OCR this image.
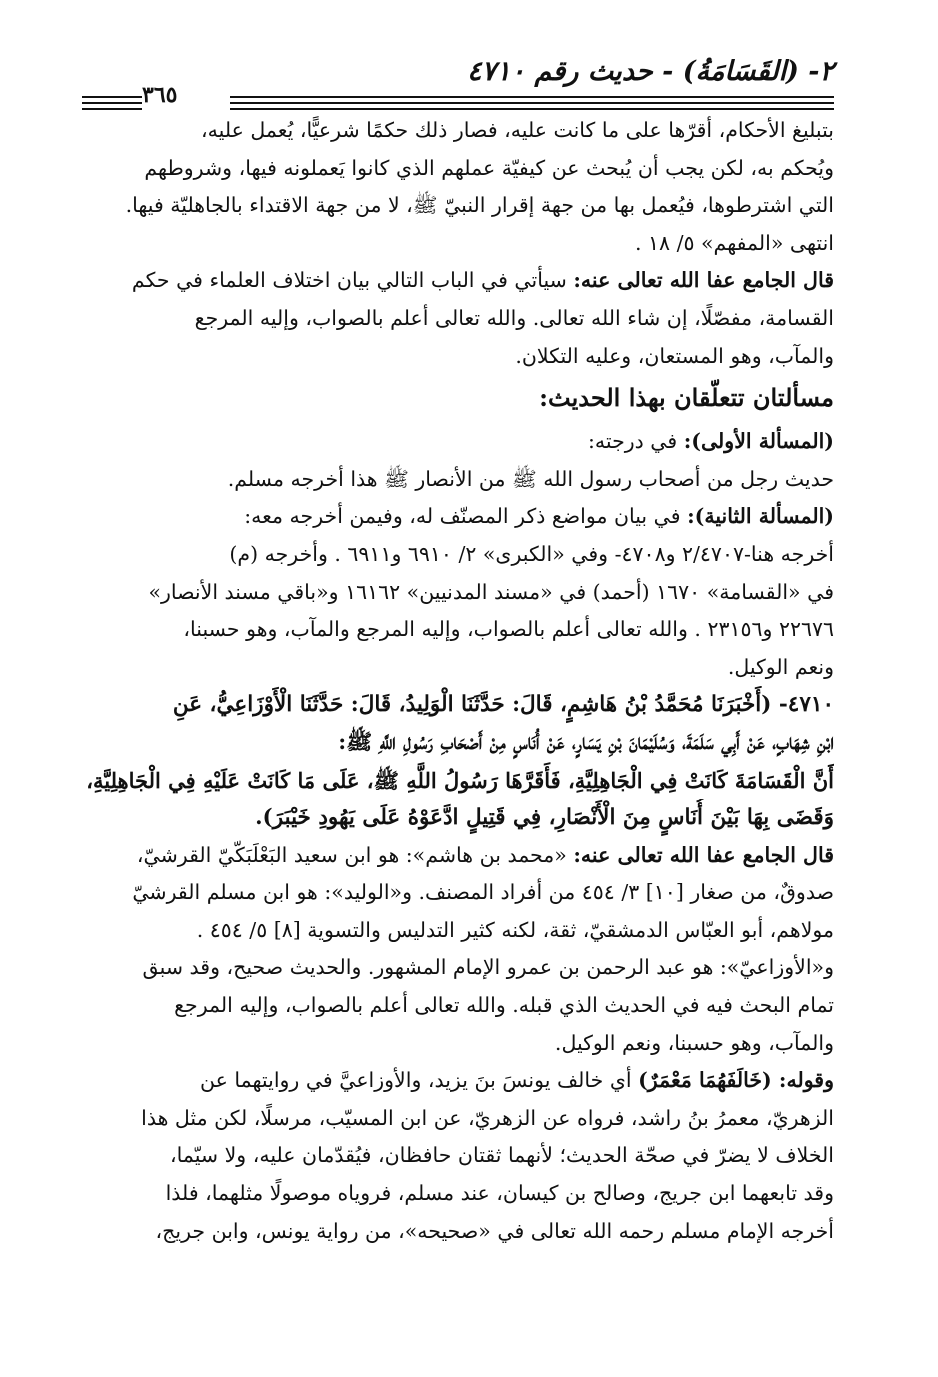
٢- (القَسَامَةُ) - حديث رقم ٤٧١٠
٣٦٥
بتبليغ الأحكام، أقرّها على ما كانت عليه، فصار ذلك حكمًا شرعيًّا، يُعمل عليه،
ويُحكم به، لكن يجب أن يُبحث عن كيفيّة عملهم الذي كانوا يَعملونه فيها، وشروطهم
التي اشترطوها، فيُعمل بها من جهة إقرار النبيّ ﷺ، لا من جهة الاقتداء بالجاهليّة فيها.
انتهى «المفهم» ٥/ ١٨ .
قال الجامع عفا الله تعالى عنه: سيأتي في الباب التالي بيان اختلاف العلماء في حكم
القسامة، مفصّلًا، إن شاء الله تعالى. والله تعالى أعلم بالصواب، وإليه المرجع
والمآب، وهو المستعان، وعليه التكلان.
مسألتان تتعلّقان بهذا الحديث:
(المسألة الأولى): في درجته:
حديث رجل من أصحاب رسول الله ﷺ من الأنصار ﷺ هذا أخرجه مسلم.
(المسألة الثانية): في بيان مواضع ذكر المصنّف له، وفيمن أخرجه معه:
أخرجه هنا-٢/٤٧٠٧ و٤٧٠٨- وفي «الكبرى» ٢/ ٦٩١٠ و٦٩١١ . وأخرجه (م)
في «القسامة» ١٦٧٠ (أحمد) في «مسند المدنيين» ١٦١٦٢ و«باقي مسند الأنصار»
٢٢٦٧٦ و٢٣١٥٦ . والله تعالى أعلم بالصواب، وإليه المرجع والمآب، وهو حسبنا،
ونعم الوكيل.
٤٧١٠- (أَخْبَرَنَا مُحَمَّدُ بْنُ هَاشِمٍ، قَالَ: حَدَّثَنَا الْوَلِيدُ، قَالَ: حَدَّثَنَا الْأَوْزَاعِيُّ، عَنِ
ابْنِ شِهَابٍ، عَنْ أَبِي سَلَمَةَ، وَسُلَيْمَانَ بْنِ يَسَارٍ، عَنْ أُنَاسٍ مِنْ أَصْحَابِ رَسُولِ اللَّهِ ﷺ:
أَنَّ الْقَسَامَةَ كَانَتْ فِي الْجَاهِلِيَّةِ، فَأَقَرَّهَا رَسُولُ اللَّهِ ﷺ، عَلَى مَا كَانَتْ عَلَيْهِ فِي الْجَاهِلِيَّةِ،
وَقَضَى بِهَا بَيْنَ أُنَاسٍ مِنَ الْأَنْصَارِ، فِي قَتِيلٍ ادَّعَوْهُ عَلَى يَهُودِ خَيْبَرَ).
قال الجامع عفا الله تعالى عنه: «محمد بن هاشم»: هو ابن سعيد البَعْلَبَكّيّ القرشيّ،
صدوقٌ، من صغار [١٠] ٣/ ٤٥٤ من أفراد المصنف. و«الوليد»: هو ابن مسلم القرشيّ
مولاهم، أبو العبّاس الدمشقيّ، ثقة، لكنه كثير التدليس والتسوية [٨] ٥/ ٤٥٤ .
و«الأوزاعيّ»: هو عبد الرحمن بن عمرو الإمام المشهور. والحديث صحيح، وقد سبق
تمام البحث فيه في الحديث الذي قبله. والله تعالى أعلم بالصواب، وإليه المرجع
والمآب، وهو حسبنا، ونعم الوكيل.
وقوله: (خَالَفَهُمَا مَعْمَرٌ) أي خالف يونسَ بنَ يزيد، والأوزاعيَّ في روايتهما عن
الزهريّ، معمرُ بنُ راشد، فرواه عن الزهريّ، عن ابن المسيّب، مرسلًا، لكن مثل هذا
الخلاف لا يضرّ في صحّة الحديث؛ لأنهما ثقتان حافظان، فيُقدّمان عليه، ولا سيّما،
وقد تابعهما ابن جريج، وصالح بن كيسان، عند مسلم، فروياه موصولًا مثلهما، فلذا
أخرجه الإمام مسلم رحمه الله تعالى في «صحيحه»، من رواية يونس، وابن جريج،
